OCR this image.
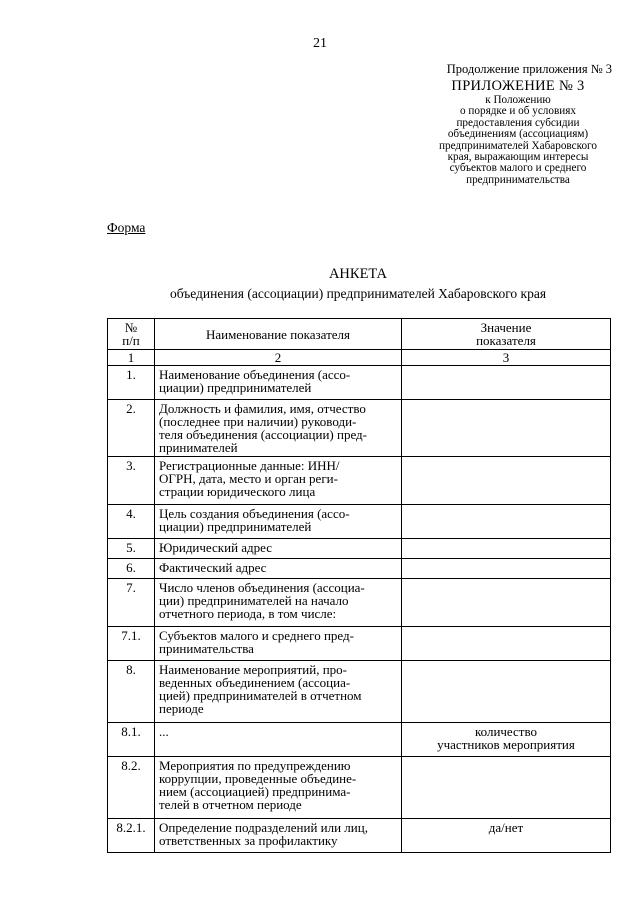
21
Продолжение приложения № 3
ПРИЛОЖЕНИЕ № 3
к Положению
о порядке и об условиях
предоставления субсидии
объединениям (ассоциациям)
предпринимателей Хабаровского
края, выражающим интересы
субъектов малого и среднего
предпринимательства
Форма
АНКЕТА
объединения (ассоциации) предпринимателей Хабаровского края
№
п/п	Наименование показателя	Значение
показателя
1	2	3
1.	Наименование объединения (ассо-
циации) предпринимателей	
2.	Должность и фамилия, имя, отчество
(последнее при наличии) руководи-
теля объединения (ассоциации) пред-
принимателей	
3.	Регистрационные данные: ИНН/
ОГРН, дата, место и орган реги-
страции юридического лица	
4.	Цель создания объединения (ассо-
циации) предпринимателей	
5.	Юридический адрес	
6.	Фактический адрес	
7.	Число членов объединения (ассоциа-
ции) предпринимателей на начало
отчетного периода, в том числе:	
7.1.	Субъектов малого и среднего пред-
принимательства	
8.	Наименование мероприятий, про-
веденных объединением (ассоциа-
цией) предпринимателей в отчетном
периоде	
8.1.	...	количество
участников мероприятия
8.2.	Мероприятия по предупреждению
коррупции, проведенные объедине-
нием (ассоциацией) предпринима-
телей в отчетном периоде	
8.2.1.	Определение подразделений или лиц,
ответственных за профилактику	да/нет
